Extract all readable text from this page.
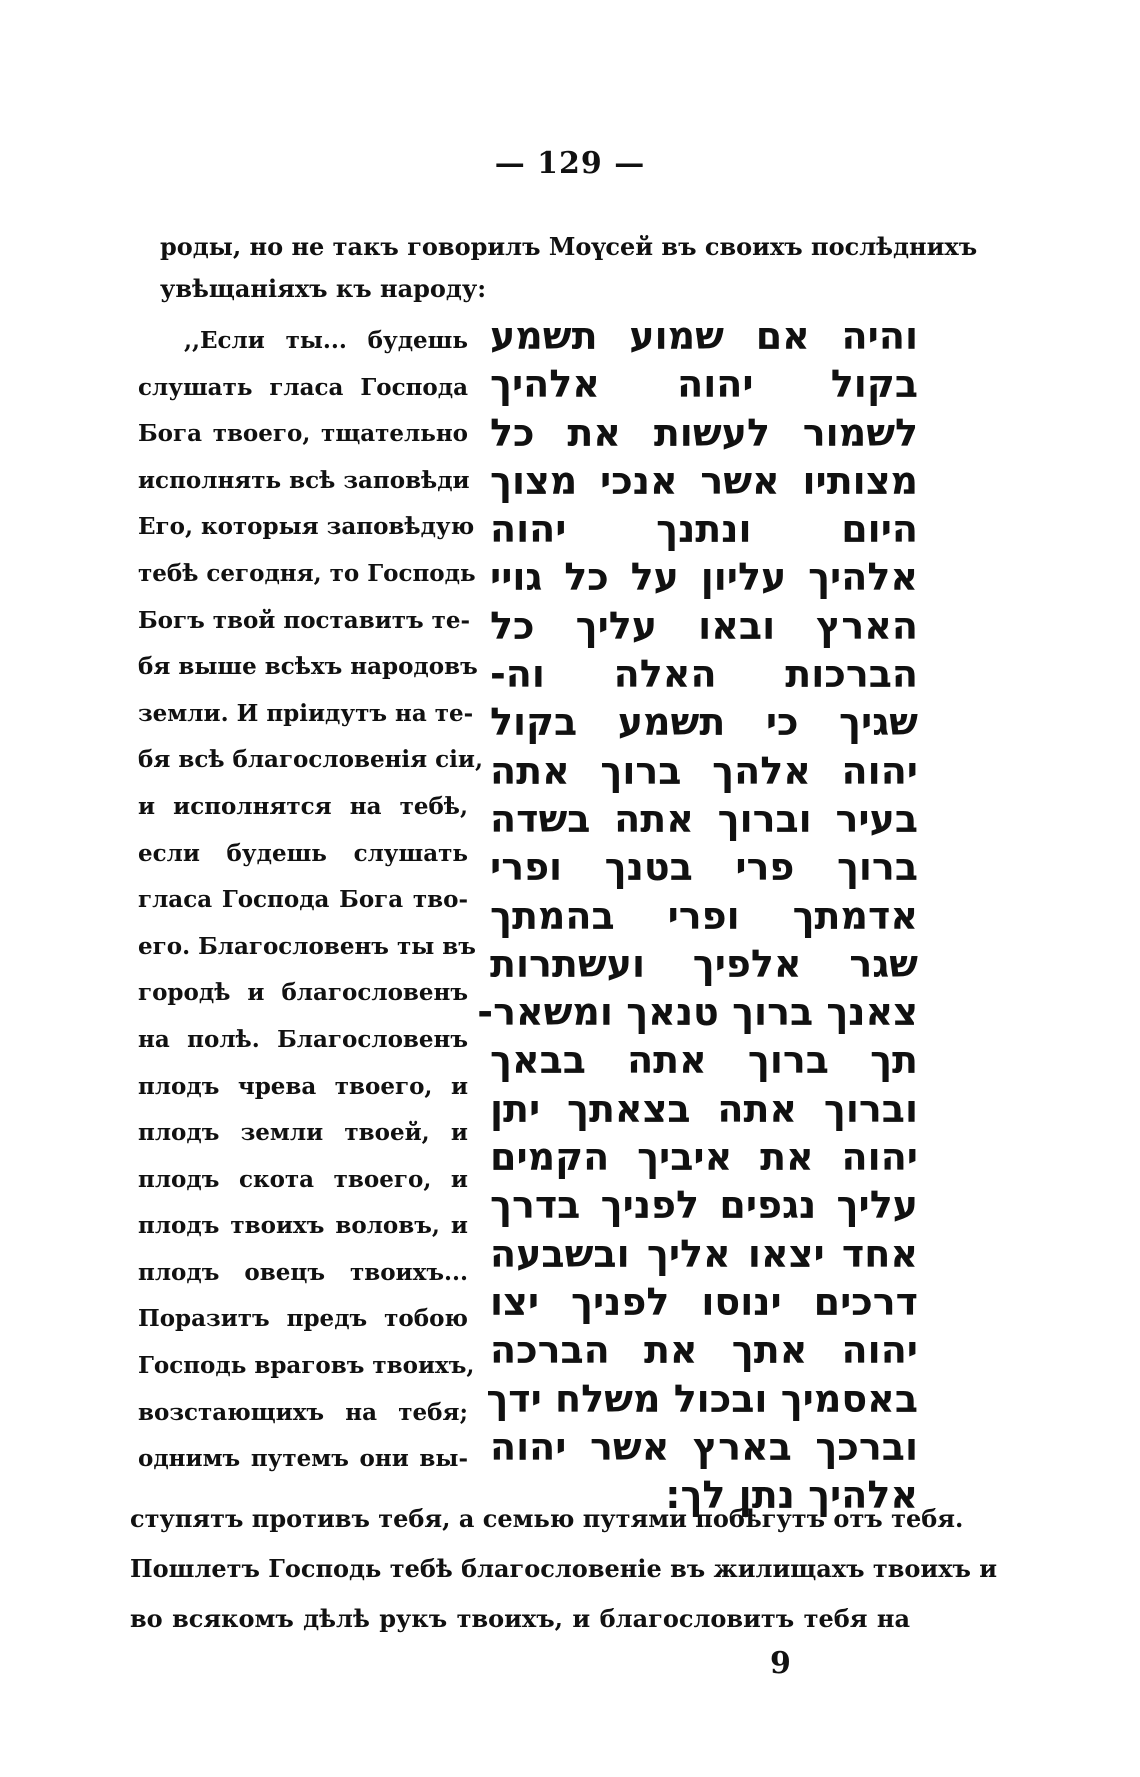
— 129 —
роды, но не такъ говорилъ Моүсей въ своихъ послѣднихъ
увѣщаніяхъ къ народу:
,,Если ты... будешь
слушать гласа Господа
Бога твоего, тщательно
исполнять всѣ заповѣди
Его, которыя заповѣдую
тебѣ сегодня, то Господь
Богъ твой поставитъ те-
бя выше всѣхъ народовъ
земли. И пріидутъ на те-
бя всѣ благословенія сіи,
и исполнятся на тебѣ,
если будешь слушать
гласа Господа Бога тво-
его. Благословенъ ты въ
городѣ и благословенъ
на полѣ. Благословенъ
плодъ чрева твоего, и
плодъ земли твоей, и
плодъ скота твоего, и
плодъ твоихъ воловъ, и
плодъ овецъ твоихъ...
Поразитъ предъ тобою
Господь враговъ твоихъ,
возстающихъ на тебя;
однимъ путемъ они вы-
והיה אם שמוע תשמע
בקול יהוה אלהיך
לשמור לעשות את כל
מצותיו אשר אנכי מצוך
היום ונתנך יהוה
אלהיך עליון על כל גויי
הארץ ובאו עליך כל
הברכות האלה וה-
שגיך כי תשמע בקול
יהוה אלהך ברוך אתה
בעיר וברוך אתה בשדה
ברוך פרי בטנך ופרי
אדמתך ופרי בהמתך
שגר אלפיך ועשתרות
צאנך ברוך טנאך ומשאר-
תך ברוך אתה בבאך
וברוך אתה בצאתך יתן
יהוה את איביך הקמים
עליך נגפים לפניך בדרך
אחד יצאו אליך ובשבעה
דרכים ינוסו לפניך יצו
יהוה אתך את הברכה
באסמיך ובכול משלח ידך
וברכך בארץ אשר יהוה
אלהיך נתן לך:
ступятъ противъ тебя, а семью путями побѣгутъ отъ тебя.
Пошлетъ Господь тебѣ благословеніе въ жилищахъ твоихъ и
во всякомъ дѣлѣ рукъ твоихъ, и благословитъ тебя на
9
